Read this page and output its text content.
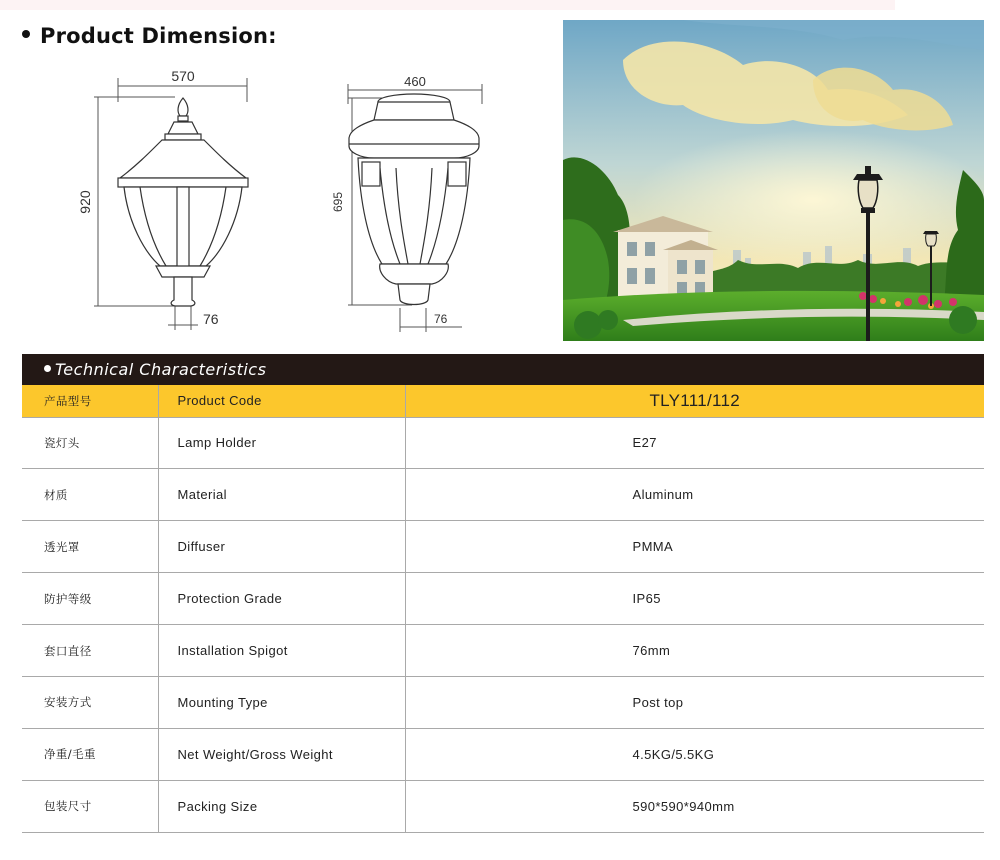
Product Dimension:
570
920
76
460
695
76
Technical Characteristics
产品型号	Product Code	TLY111/112
瓷灯头	Lamp Holder	E27
材质	Material	Aluminum
透光罩	Diffuser	PMMA
防护等级	Protection Grade	IP65
套口直径	Installation Spigot	76mm
安装方式	Mounting Type	Post top
净重/毛重	Net Weight/Gross Weight	4.5KG/5.5KG
包装尺寸	Packing Size	590*590*940mm
